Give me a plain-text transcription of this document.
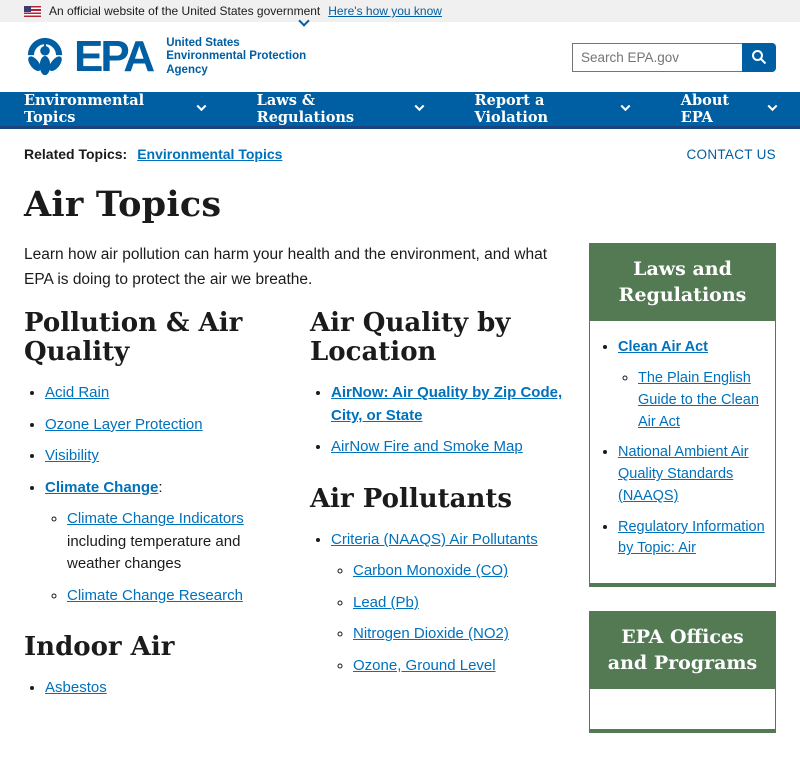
An official website of the United States government Here's how you know
EPA United States
Environmental Protection
Agency
Search EPA.gov
Environmental Topics
Laws & Regulations
Report a Violation
About EPA
Related Topics: Environmental Topics	CONTACT US
Air Topics

Learn how air pollution can harm your health and the environment, and what EPA is doing to protect the air we breathe.

Pollution & Air Quality
• Acid Rain
• Ozone Layer Protection
• Visibility
• Climate Change:
◦ Climate Change Indicators including temperature and weather changes
◦ Climate Change Research
Indoor Air
• Asbestos
Air Quality by Location
• AirNow: Air Quality by Zip Code, City, or State
• AirNow Fire and Smoke Map
Air Pollutants
• Criteria (NAAQS) Air Pollutants
◦ Carbon Monoxide (CO)
◦ Lead (Pb)
◦ Nitrogen Dioxide (NO2)
◦ Ozone, Ground Level
Laws and Regulations
• Clean Air Act
◦ The Plain English Guide to the Clean Air Act
• National Ambient Air Quality Standards (NAAQS)
• Regulatory Information by Topic: Air
EPA Offices and Programs
